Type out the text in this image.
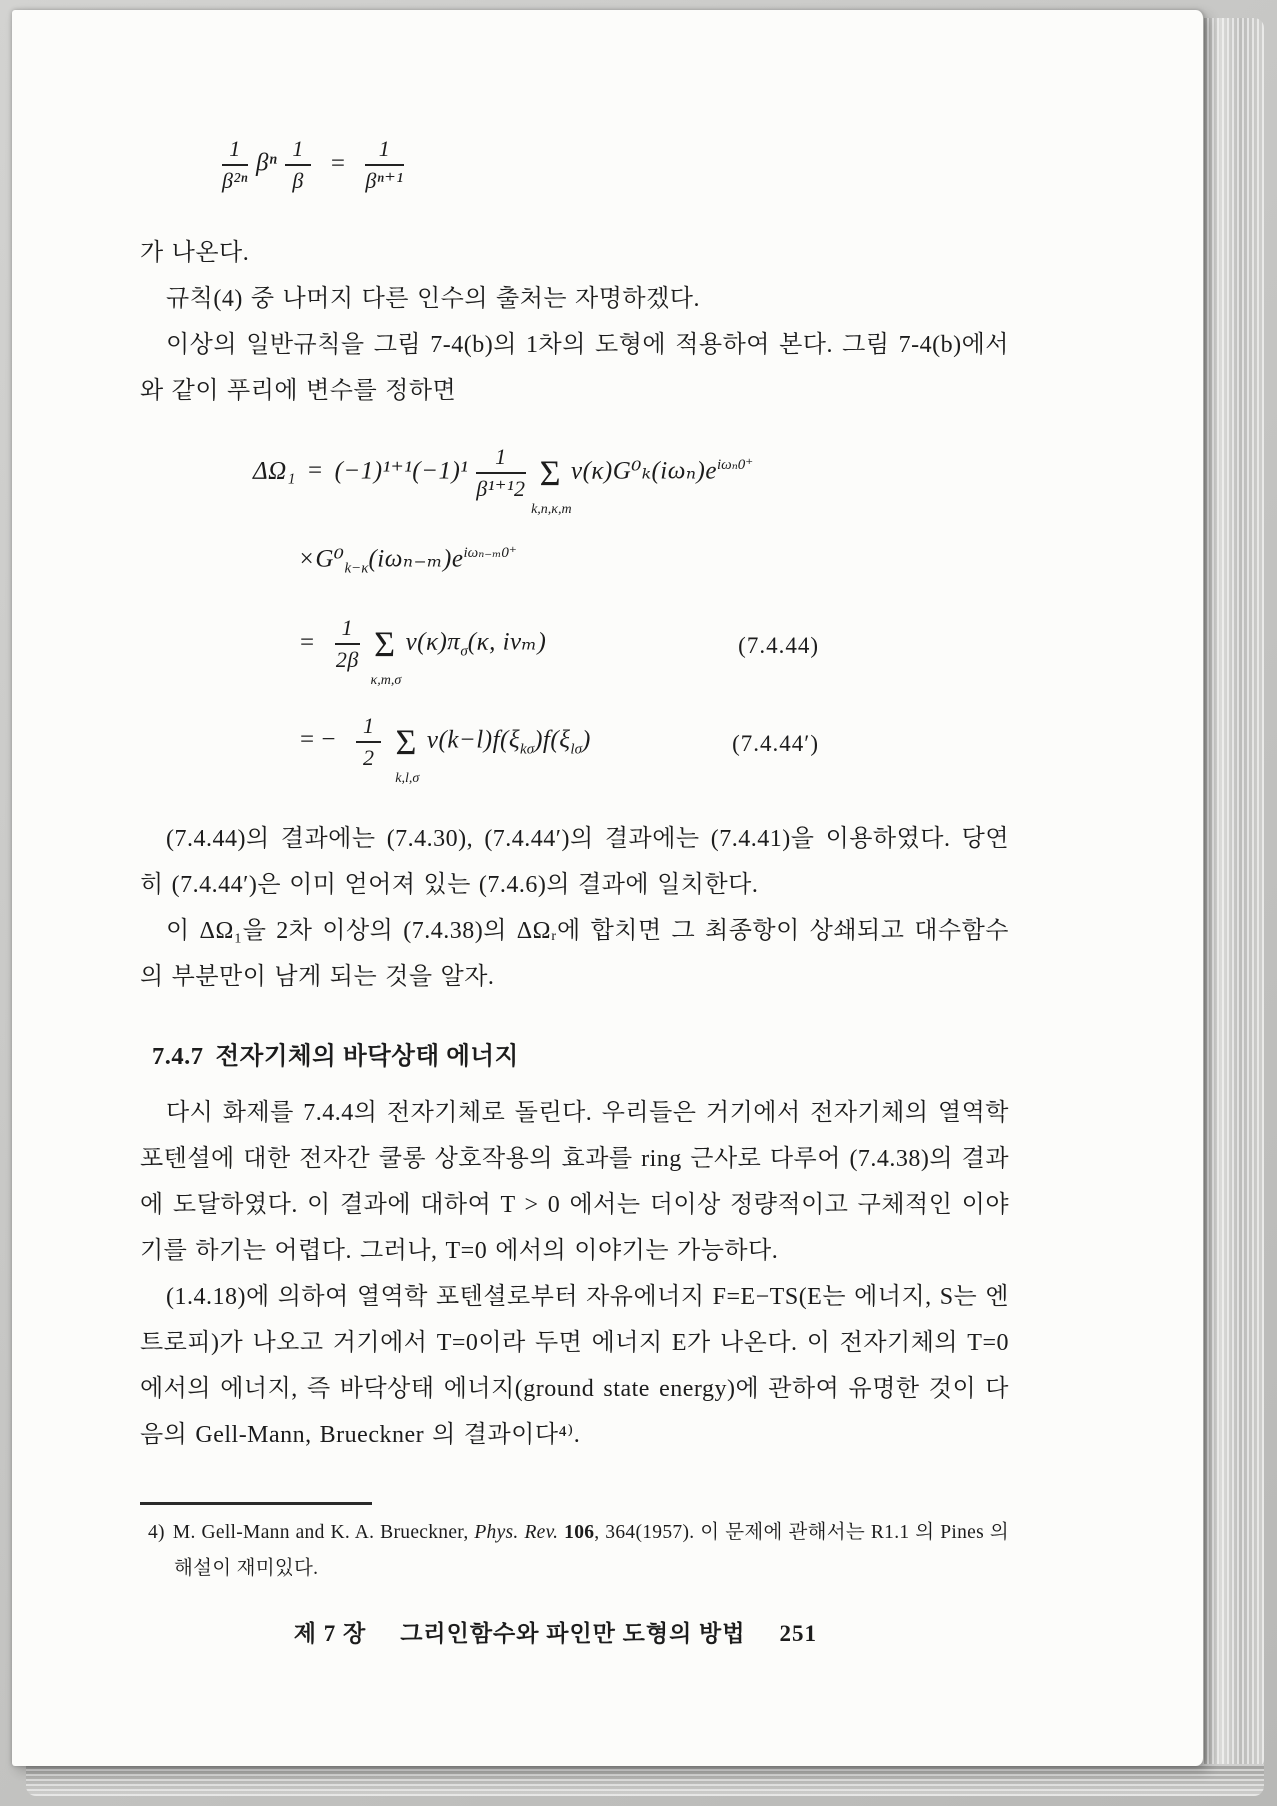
$\frac{1}{\text{β²ⁿ}}$ βⁿ $\frac{1}{\beta} = \frac{1}{\text{βⁿ⁺¹}}$

가 나온다.

규칙(4) 중 나머지 다른 인수의 출처는 자명하겠다.

이상의 일반규칙을 그림 7-4(b)의 1차의 도형에 적용하여 본다. 그림 7-4(b)에서와 같이 푸리에 변수를 정하면

$\Delta\Omega_1 = (-1)^{1+1}(-1)^1 \frac{1}{\text{β¹⁺¹2}}$ Σ
k,n,κ,m
$v(\kappa)G^0_k(i\omega_n)e^{i\omega_n0^+}$
$\times G^0_{k-\kappa}(i\omega_{n-m})e^{i\omega_{n-m}0^+}$
= $\frac{1}{2\beta}$ Σ
κ,m,σ
$v(\kappa)\pi_\sigma(\kappa$, iνₘ)	(7.4.44)
= − $\frac{1}{2}$ Σ
k,l,σ
$v(k-l)f(\xi_{k\sigma})f(\xi_{l\sigma})$	(7.4.44′)

(7.4.44)의 결과에는 (7.4.30), (7.4.44′)의 결과에는 (7.4.41)을 이용하였다. 당연히 (7.4.44′)은 이미 얻어져 있는 (7.4.6)의 결과에 일치한다.

이 ΔΩ₁을 2차 이상의 (7.4.38)의 ΔΩᵣ에 합치면 그 최종항이 상쇄되고 대수함수의 부분만이 남게 되는 것을 알자.

7.4.7 전자기체의 바닥상태 에너지

다시 화제를 7.4.4의 전자기체로 돌린다. 우리들은 거기에서 전자기체의 열역학 포텐셜에 대한 전자간 쿨롱 상호작용의 효과를 ring 근사로 다루어 (7.4.38)의 결과에 도달하였다. 이 결과에 대하여 T > 0 에서는 더이상 정량적이고 구체적인 이야기를 하기는 어렵다. 그러나, T=0 에서의 이야기는 가능하다.

(1.4.18)에 의하여 열역학 포텐셜로부터 자유에너지 F=E−TS(E는 에너지, S는 엔트로피)가 나오고 거기에서 T=0이라 두면 에너지 E가 나온다. 이 전자기체의 T=0에서의 에너지, 즉 바닥상태 에너지(ground state energy)에 관하여 유명한 것이 다음의 Gell-Mann, Brueckner 의 결과이다⁴⁾.

4) M. Gell-Mann and K. A. Brueckner, Phys. Rev. 106, 364(1957). 이 문제에 관해서는 R1.1 의 Pines 의 해설이 재미있다.

제 7 장 그리인함수와 파인만 도형의 방법 251
